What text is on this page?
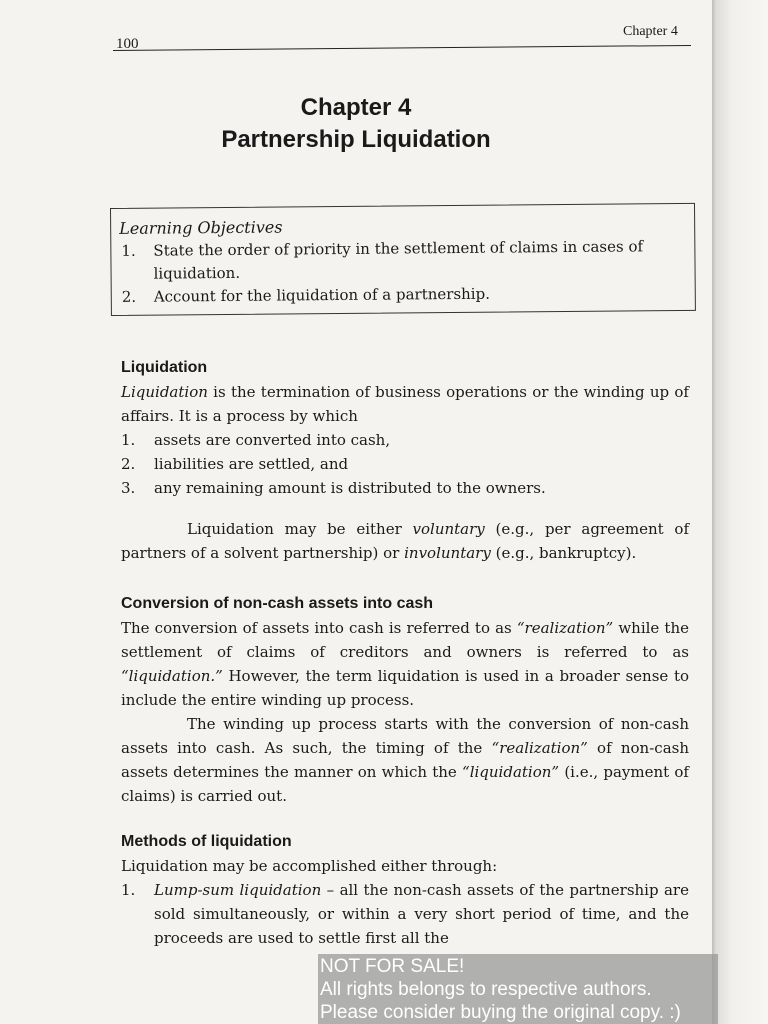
100
Chapter 4
Chapter 4
Partnership Liquidation
Learning Objectives
1. State the order of priority in the settlement of claims in cases of liquidation.
2. Account for the liquidation of a partnership.
Liquidation
Liquidation is the termination of business operations or the winding up of affairs. It is a process by which
1. assets are converted into cash,
2. liabilities are settled, and
3. any remaining amount is distributed to the owners.
Liquidation may be either voluntary (e.g., per agreement of partners of a solvent partnership) or involuntary (e.g., bankruptcy).
Conversion of non-cash assets into cash
The conversion of assets into cash is referred to as “realization” while the settlement of claims of creditors and owners is referred to as “liquidation.” However, the term liquidation is used in a broader sense to include the entire winding up process.
The winding up process starts with the conversion of non-cash assets into cash. As such, the timing of the “realization” of non-cash assets determines the manner on which the “liquidation” (i.e., payment of claims) is carried out.
Methods of liquidation
Liquidation may be accomplished either through:
1. Lump-sum liquidation – all the non-cash assets of the partnership are sold simultaneously, or within a very short period of time, and the proceeds are used to settle first all the
NOT FOR SALE!
All rights belongs to respective authors.
Please consider buying the original copy. :)
